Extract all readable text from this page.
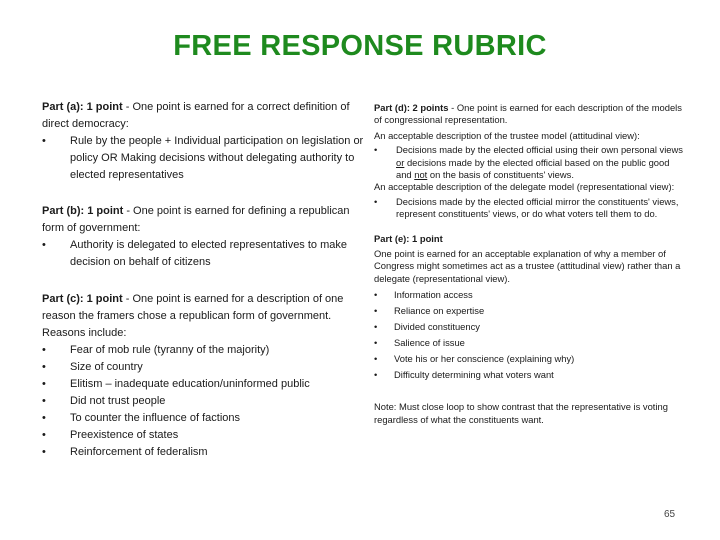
FREE RESPONSE RUBRIC

Part (a): 1 point - One point is earned for a correct definition of direct democracy:

• Rule by the people + Individual participation on legislation or policy OR Making decisions without delegating authority to elected representatives

Part (b): 1 point - One point is earned for defining a republican form of government:

• Authority is delegated to elected representatives to make decision on behalf of citizens

Part (c): 1 point - One point is earned for a description of one reason the framers chose a republican form of government. Reasons include:

• Fear of mob rule (tyranny of the majority)
• Size of country
• Elitism – inadequate education/uninformed public
• Did not trust people
• To counter the influence of factions
• Preexistence of states
• Reinforcement of federalism

Part (d): 2 points - One point is earned for each description of the models of congressional representation.

An acceptable description of the trustee model (attitudinal view):

• Decisions made by the elected official using their own personal views or decisions made by the elected official based on the public good and not on the basis of constituents' views.

An acceptable description of the delegate model (representational view):

• Decisions made by the elected official mirror the constituents' views, represent constituents' views, or do what voters tell them to do.

Part (e): 1 point

One point is earned for an acceptable explanation of why a member of Congress might sometimes act as a trustee (attitudinal view) rather than a delegate (representational view).

• Information access
• Reliance on expertise
• Divided constituency
• Salience of issue
• Vote his or her conscience (explaining why)
• Difficulty determining what voters want

Note: Must close loop to show contrast that the representative is voting regardless of what the constituents want.

65
